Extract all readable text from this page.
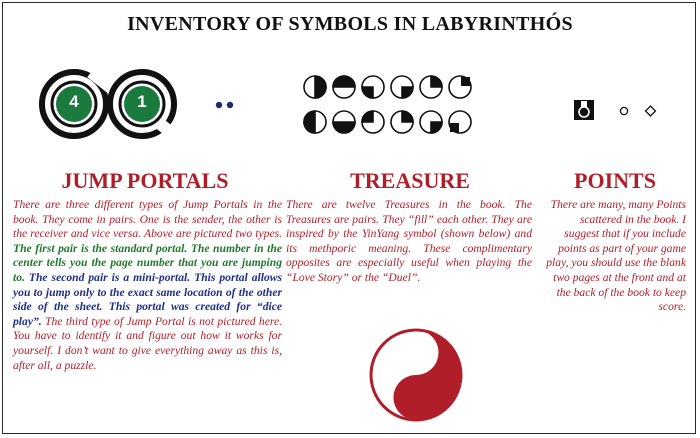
INVENTORY OF SYMBOLS IN LABYRINTHÓS
4	1
JUMP PORTALS	TREASURE	POINTS
There are three different types of Jump Portals in the book. They come in pairs. One is the sender, the other is the receiver and vice versa. Above are pictured two types. The first pair is the standard portal. The number in the center tells you the page number that you are jumping to. The second pair is a mini-portal. This portal allows you to jump only to the exact same location of the other side of the sheet. This portal was created for “dice play”. The third type of Jump Portal is not pictured here. You have to identify it and figure out how it works for yourself. I don’t want to give everything away as this is, after all, a puzzle.
There are twelve Treasures in the book. The Treasures are pairs. They “fill” each other. They are inspired by the YinYang symbol (shown below) and its methporic meaning. These complimentary opposites are especially useful when playing the “Love Story” or the “Duel”.
There are many, many Points scattered in the book. I suggest that if you include points as part of your game play, you should use the blank two pages at the front and at the back of the book to keep score.
